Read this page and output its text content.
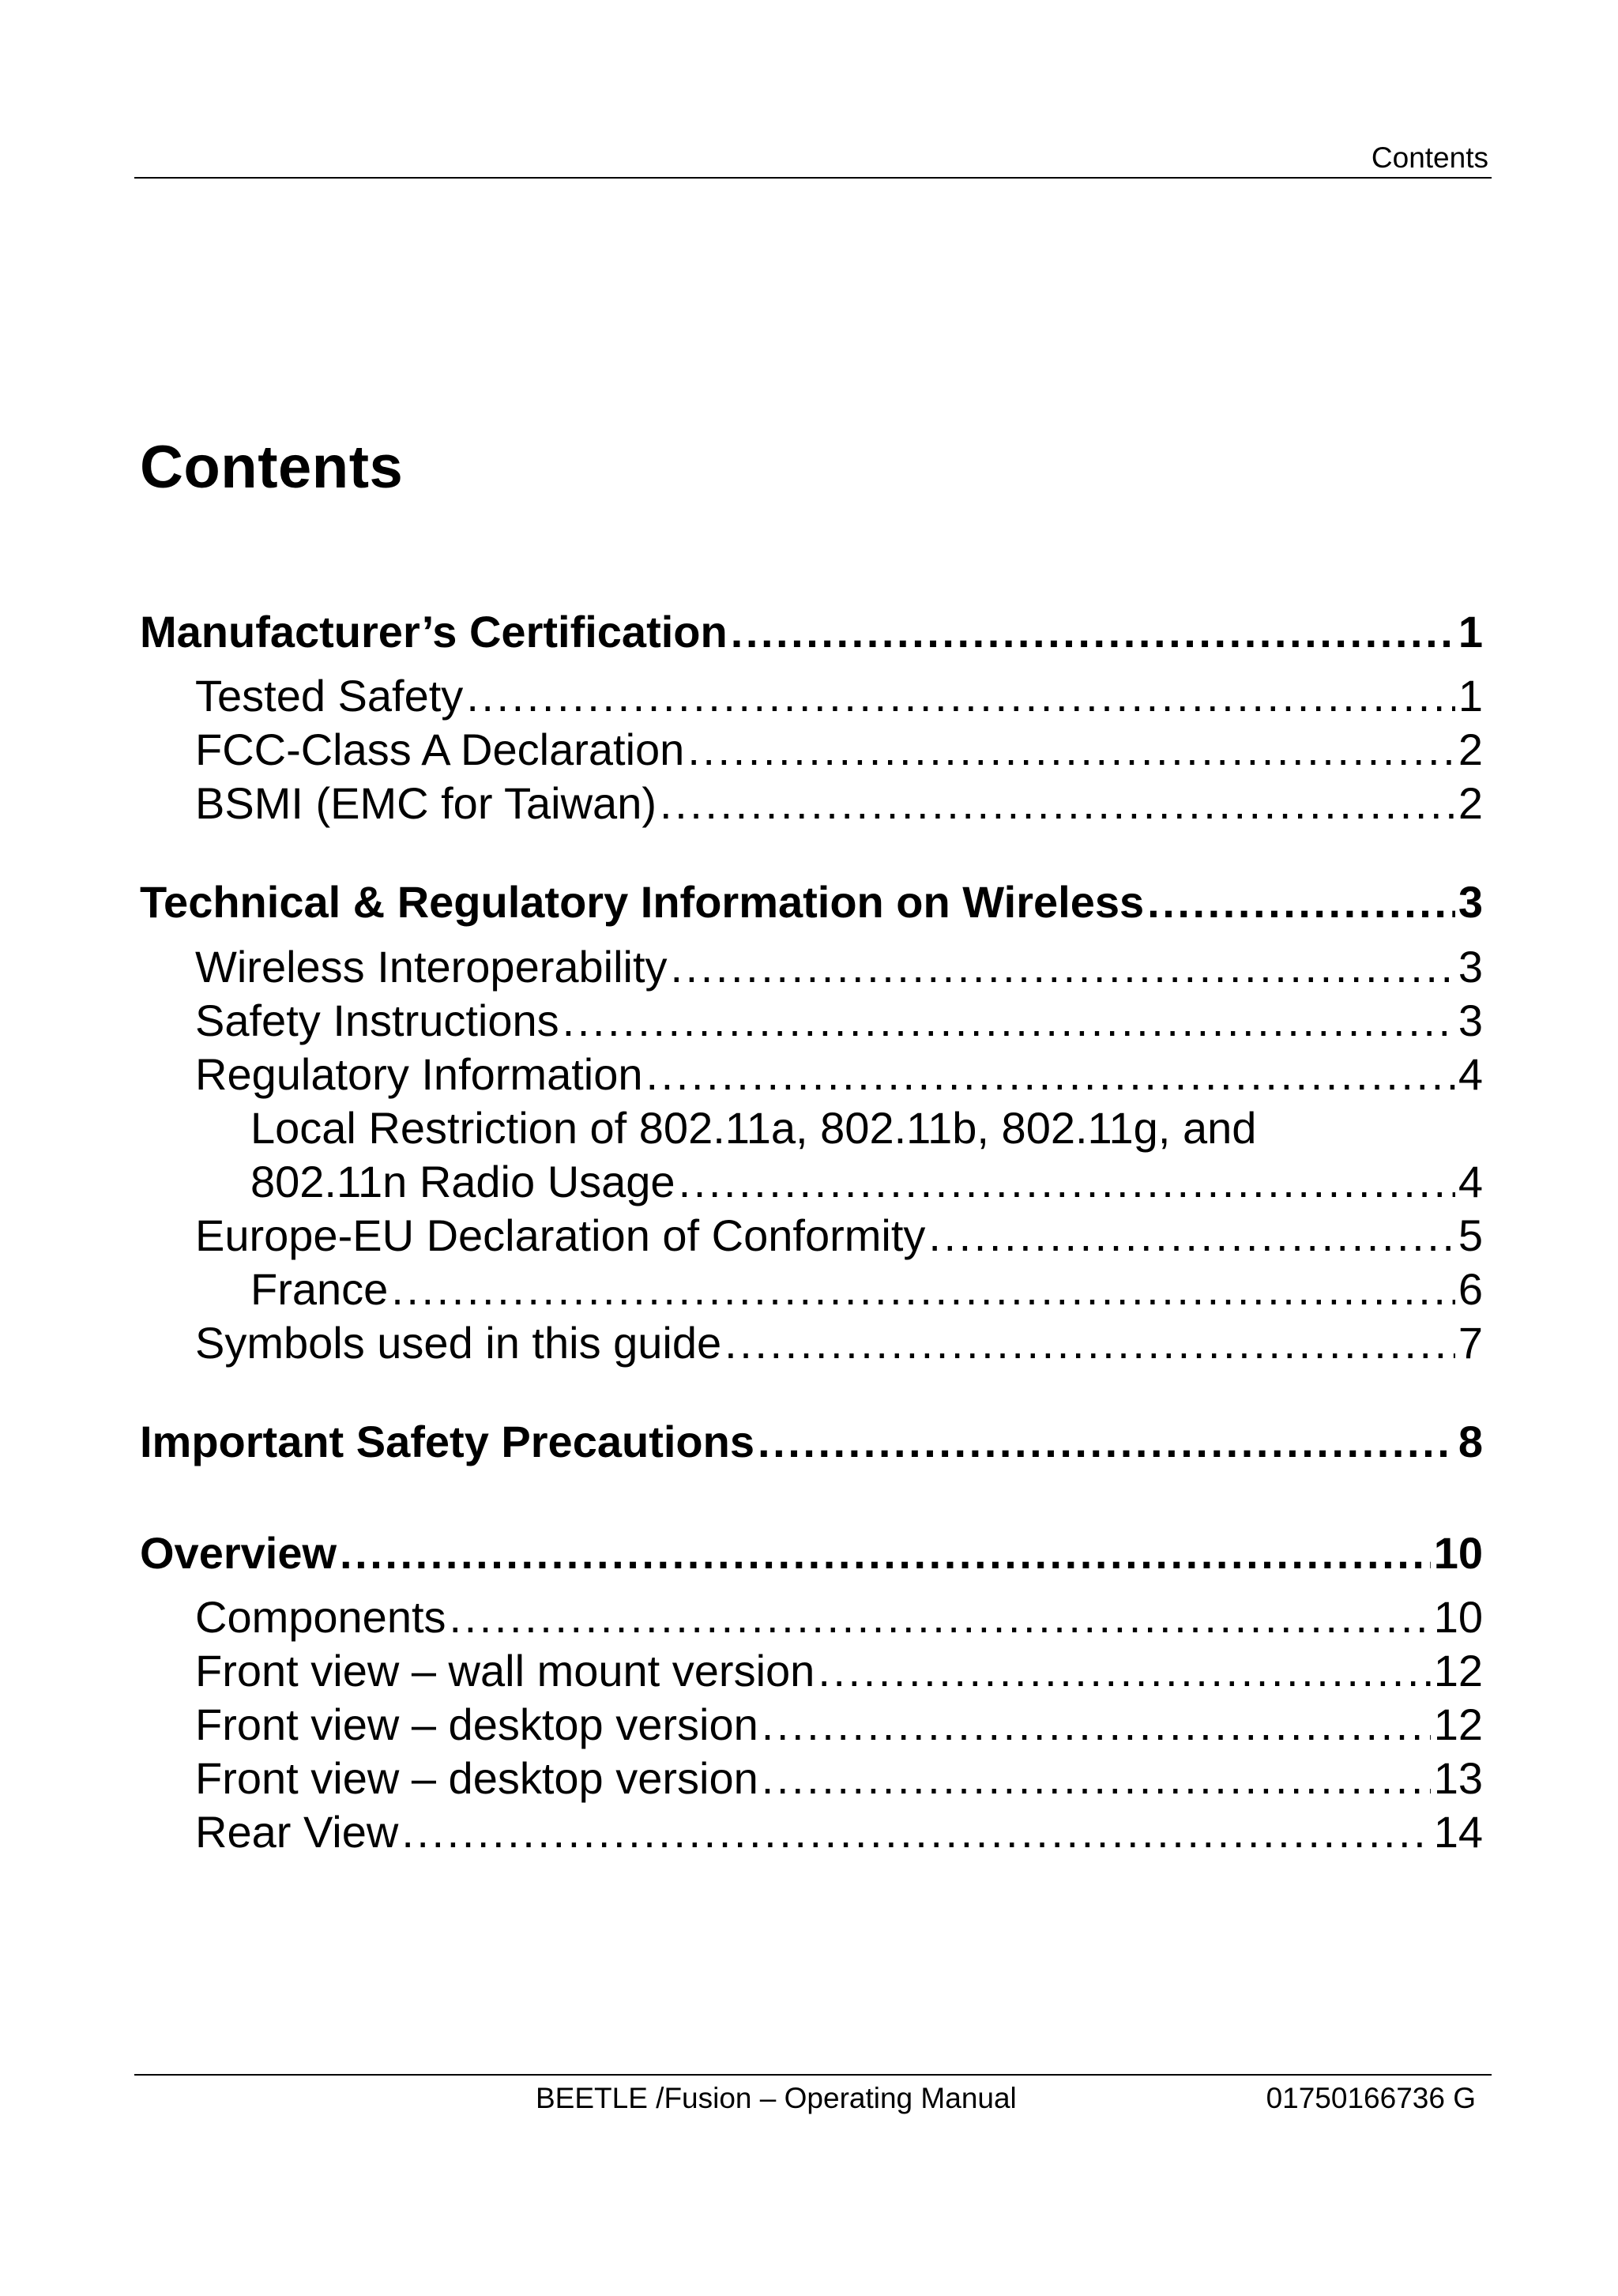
Contents
Contents
Manufacturer’s Certification . . .	1
Tested Safety . . .	1
FCC-Class A Declaration . . .	2
BSMI (EMC for Taiwan) . . .	2
Technical & Regulatory Information on Wireless . . .	3
Wireless Interoperability . . .	3
Safety Instructions . . .	3
Regulatory Information . . .	4
Local Restriction of 802.11a, 802.11b, 802.11g, and
802.11n Radio Usage . . .	4
Europe-EU Declaration of Conformity . . .	5
France . . .	6
Symbols used in this guide . . .	7
Important Safety Precautions . . .	8
Overview . . .	10
Components . . .	10
Front view – wall mount version . . .	12
Front view – desktop version . . .	12
Front view – desktop version . . .	13
Rear View . . .	14
BEETLE /Fusion – Operating Manual	01750166736 G
